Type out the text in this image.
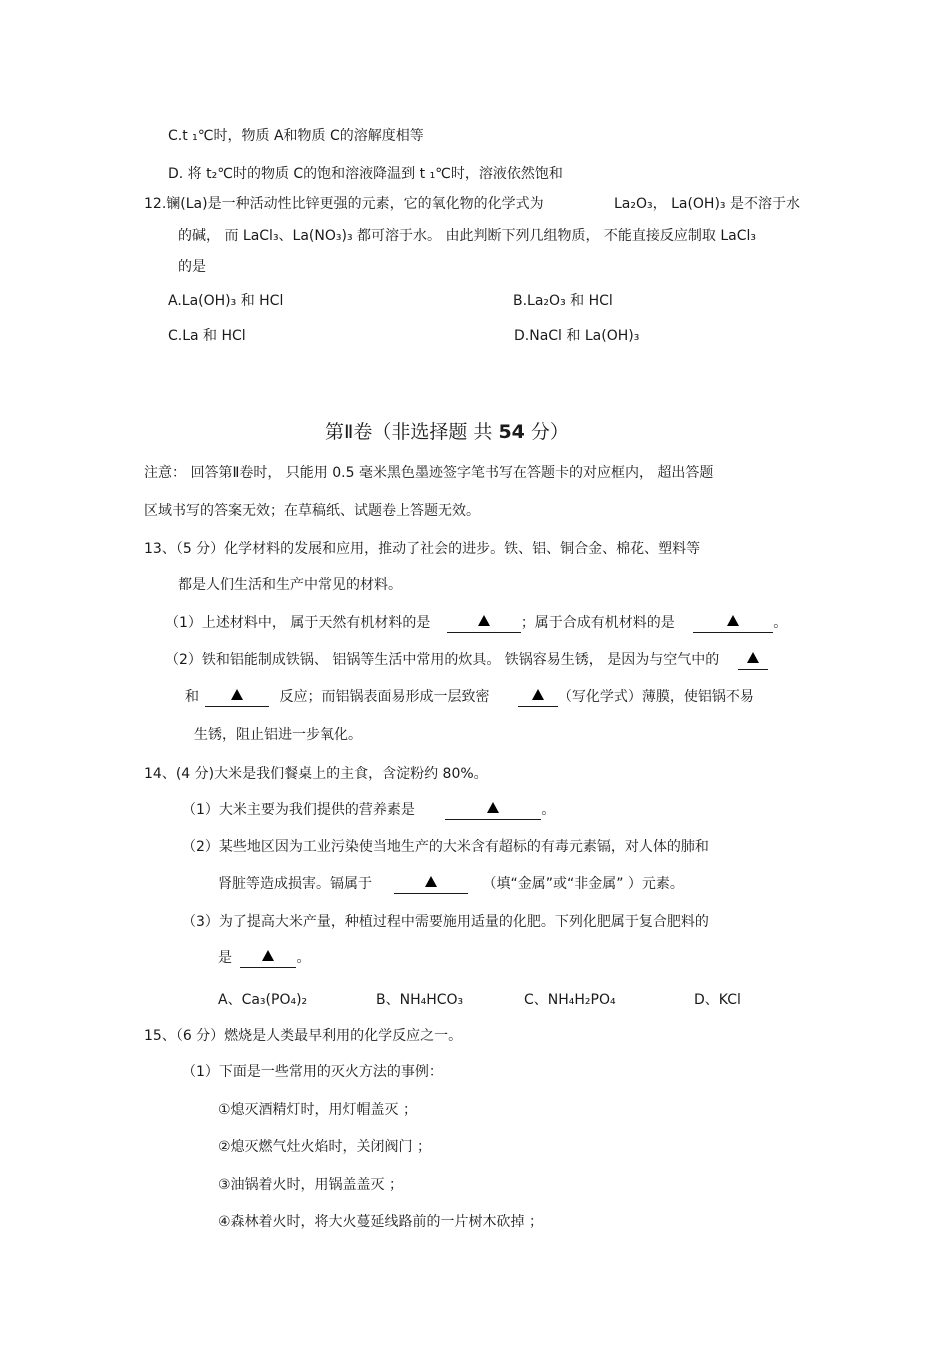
C.t ₁℃时，物质 A和物质 C的溶解度相等
D. 将 t₂℃时的物质 C的饱和溶液降温到 t ₁℃时，溶液依然饱和
12.镧(La)是一种活动性比锌更强的元素，它的氧化物的化学式为	La₂O₃， La(OH)₃ 是不溶于水
的碱， 而 LaCl₃、La(NO₃)₃ 都可溶于水。 由此判断下列几组物质， 不能直接反应制取 LaCl₃
的是
A.La(OH)₃ 和 HCl	B.La₂O₃ 和 HCl
C.La 和 HCl	D.NaCl 和 La(OH)₃
第Ⅱ卷（非选择题 共 54 分）
注意： 回答第Ⅱ卷时， 只能用 0.5 毫米黑色墨迹签字笔书写在答题卡的对应框内， 超出答题
区域书写的答案无效；在草稿纸、试题卷上答题无效。
13、（5 分）化学材料的发展和应用，推动了社会的进步。铁、铝、铜合金、棉花、塑料等
都是人们生活和生产中常见的材料。
（1）上述材料中， 属于天然有机材料的是	；属于合成有机材料的是	。
（2）铁和铝能制成铁锅、 铝锅等生活中常用的炊具。 铁锅容易生锈， 是因为与空气中的
和	反应；而铝锅表面易形成一层致密	（写化学式）薄膜，使铝锅不易
生锈，阻止铝进一步氧化。
14、(4 分)大米是我们餐桌上的主食，含淀粉约 80%。
（1）大米主要为我们提供的营养素是	。
（2）某些地区因为工业污染使当地生产的大米含有超标的有毒元素镉，对人体的肺和
肾脏等造成损害。镉属于	（填“金属”或“非金属” ）元素。
（3）为了提高大米产量，种植过程中需要施用适量的化肥。下列化肥属于复合肥料的
是	。
A、Ca₃(PO₄)₂	B、NH₄HCO₃	C、NH₄H₂PO₄	D、KCl
15、（6 分）燃烧是人类最早利用的化学反应之一。
（1）下面是一些常用的灭火方法的事例：
①熄灭酒精灯时，用灯帽盖灭 ；
②熄灭燃气灶火焰时，关闭阀门 ；
③油锅着火时，用锅盖盖灭 ；
④森林着火时，将大火蔓延线路前的一片树木砍掉 ；
